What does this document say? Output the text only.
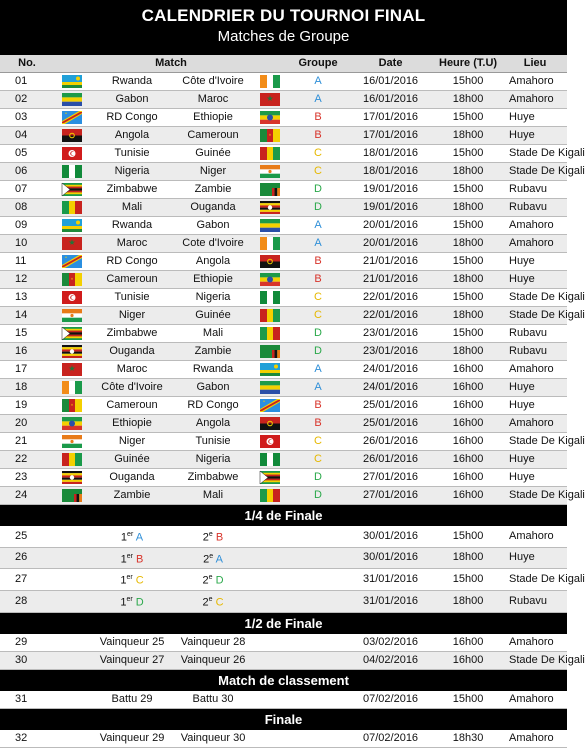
CALENDRIER DU TOURNOI FINAL
Matches de Groupe
No.	Match				Groupe	Date	Heure (T.U)	Lieu
01		Rwanda	Côte d'Ivoire		A	16/01/2016	15h00	Amahoro
02		Gabon	Maroc		A	16/01/2016	18h00	Amahoro
03		RD Congo	Ethiopie		B	17/01/2016	15h00	Huye
04		Angola	Cameroun		B	17/01/2016	18h00	Huye
05		Tunisie	Guinée		C	18/01/2016	15h00	Stade De Kigali
06		Nigeria	Niger		C	18/01/2016	18h00	Stade De Kigali
07		Zimbabwe	Zambie		D	19/01/2016	15h00	Rubavu
08		Mali	Ouganda		D	19/01/2016	18h00	Rubavu
09		Rwanda	Gabon		A	20/01/2016	15h00	Amahoro
10		Maroc	Cote d'Ivoire		A	20/01/2016	18h00	Amahoro
11		RD Congo	Angola		B	21/01/2016	15h00	Huye
12		Cameroun	Ethiopie		B	21/01/2016	18h00	Huye
13		Tunisie	Nigeria		C	22/01/2016	15h00	Stade De Kigali
14		Niger	Guinée		C	22/01/2016	18h00	Stade De Kigali
15		Zimbabwe	Mali		D	23/01/2016	15h00	Rubavu
16		Ouganda	Zambie		D	23/01/2016	18h00	Rubavu
17		Maroc	Rwanda		A	24/01/2016	16h00	Amahoro
18		Côte d'Ivoire	Gabon		A	24/01/2016	16h00	Huye
19		Cameroun	RD Congo		B	25/01/2016	16h00	Huye
20		Ethiopie	Angola		B	25/01/2016	16h00	Amahoro
21		Niger	Tunisie		C	26/01/2016	16h00	Stade De Kigali
22		Guinée	Nigeria		C	26/01/2016	16h00	Huye
23		Ouganda	Zimbabwe		D	27/01/2016	16h00	Huye
24		Zambie	Mali		D	27/01/2016	16h00	Stade De Kigali
1/4 de Finale								
25		1er A	2e B			30/01/2016	15h00	Amahoro
26		1er B	2e A			30/01/2016	18h00	Huye
27		1er C	2e D			31/01/2016	15h00	Stade De Kigali
28		1er D	2e C			31/01/2016	18h00	Rubavu
1/2 de Finale								
29		Vainqueur 25	Vainqueur 28			03/02/2016	16h00	Amahoro
30		Vainqueur 27	Vainqueur 26			04/02/2016	16h00	Stade De Kigali
Match de classement								
31		Battu 29	Battu 30			07/02/2016	15h00	Amahoro
Finale								
32		Vainqueur 29	Vainqueur 30			07/02/2016	18h30	Amahoro
